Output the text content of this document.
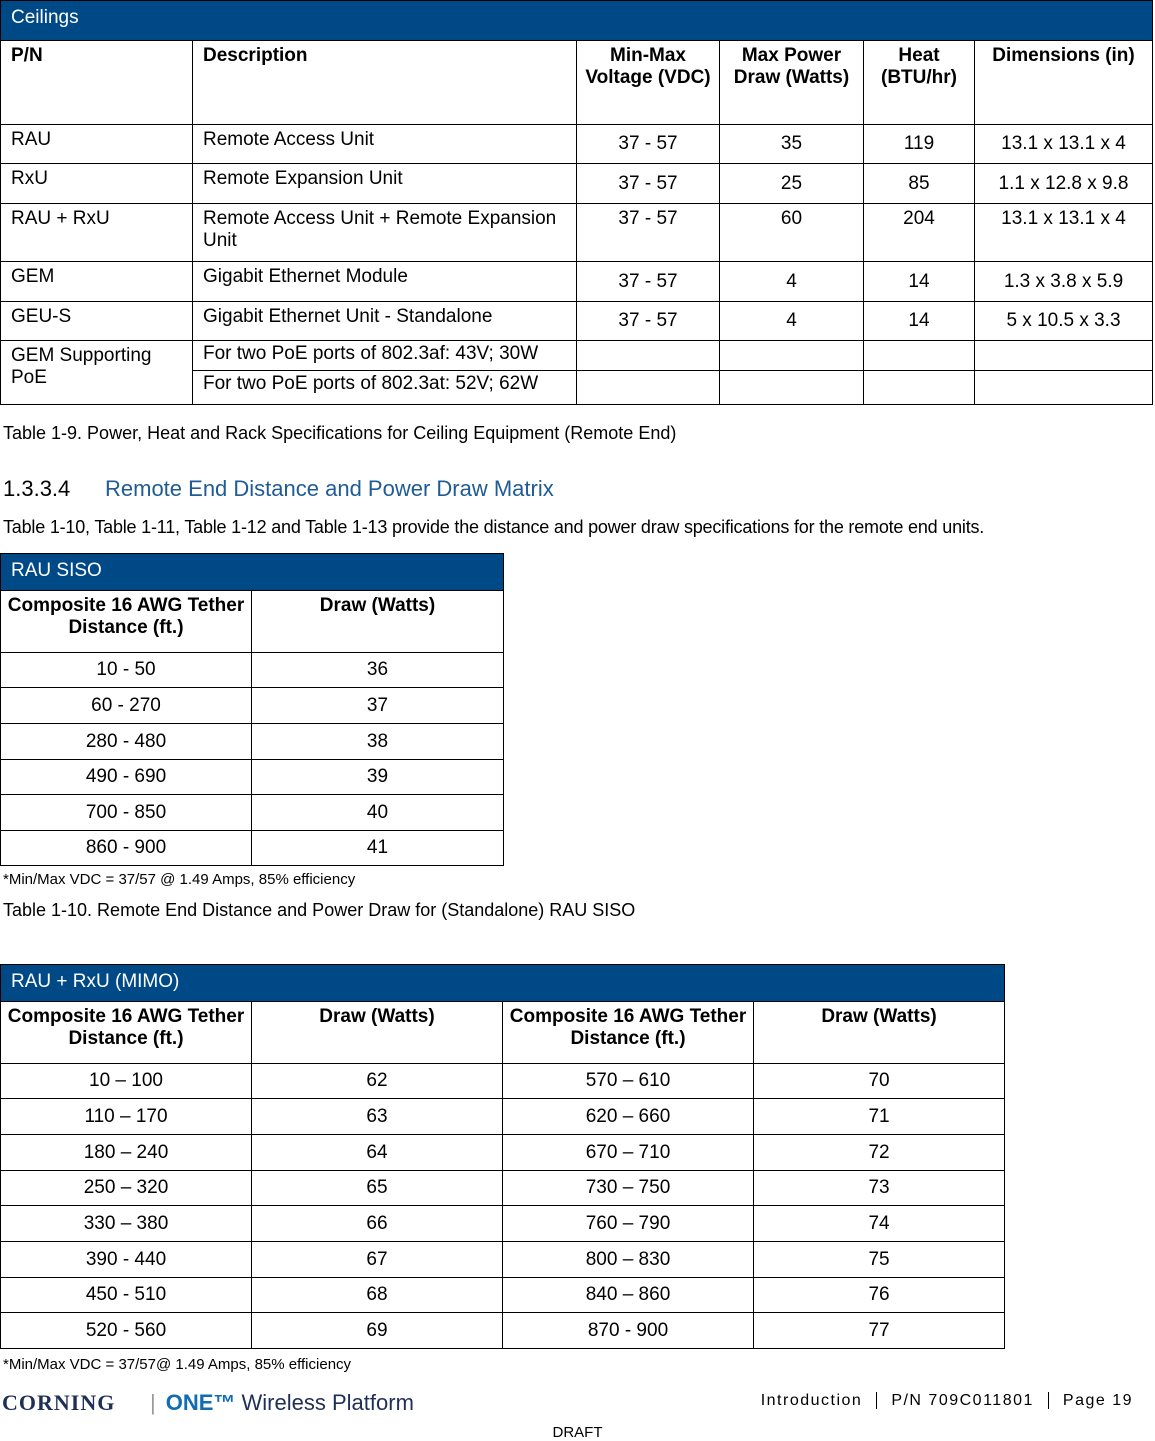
Ceilings					
P/N	Description	Min-Max Voltage (VDC)	Max Power Draw (Watts)	Heat (BTU/hr)	Dimensions (in)
RAU	Remote Access Unit	37 - 57	35	119	13.1 x 13.1 x 4
RxU	Remote Expansion Unit	37 - 57	25	85	1.1 x 12.8 x 9.8
RAU + RxU	Remote Access Unit + Remote Expansion Unit	37 - 57	60	204	13.1 x 13.1 x 4
GEM	Gigabit Ethernet Module	37 - 57	4	14	1.3 x 3.8 x 5.9
GEU-S	Gigabit Ethernet Unit - Standalone	37 - 57	4	14	5 x 10.5 x 3.3
GEM Supporting PoE	For two PoE ports of 802.3af: 43V; 30W				
	For two PoE ports of 802.3at: 52V; 62W				
Table 1-9. Power, Heat and Rack Specifications for Ceiling Equipment (Remote End)
1.3.3.4 Remote End Distance and Power Draw Matrix
Table 1-10, Table 1-11, Table 1-12 and Table 1-13 provide the distance and power draw specifications for the remote end units.
RAU SISO	
Composite 16 AWG Tether Distance (ft.)	Draw (Watts)
10 - 50	36
60 - 270	37
280 - 480	38
490 - 690	39
700 - 850	40
860 - 900	41
*Min/Max VDC = 37/57 @ 1.49 Amps, 85% efficiency
Table 1-10. Remote End Distance and Power Draw for (Standalone) RAU SISO
RAU + RxU (MIMO)			
Composite 16 AWG Tether Distance (ft.)	Draw (Watts)	Composite 16 AWG Tether Distance (ft.)	Draw (Watts)
10 – 100	62	570 – 610	70
110 – 170	63	620 – 660	71
180 – 240	64	670 – 710	72
250 – 320	65	730 – 750	73
330 – 380	66	760 – 790	74
390 - 440	67	800 – 830	75
450 - 510	68	840 – 860	76
520 - 560	69	870 - 900	77
*Min/Max VDC = 37/57@ 1.49 Amps, 85% efficiency
CORNING | ONE™ Wireless Platform	Introduction P/N 709C011801 Page 19
DRAFT
